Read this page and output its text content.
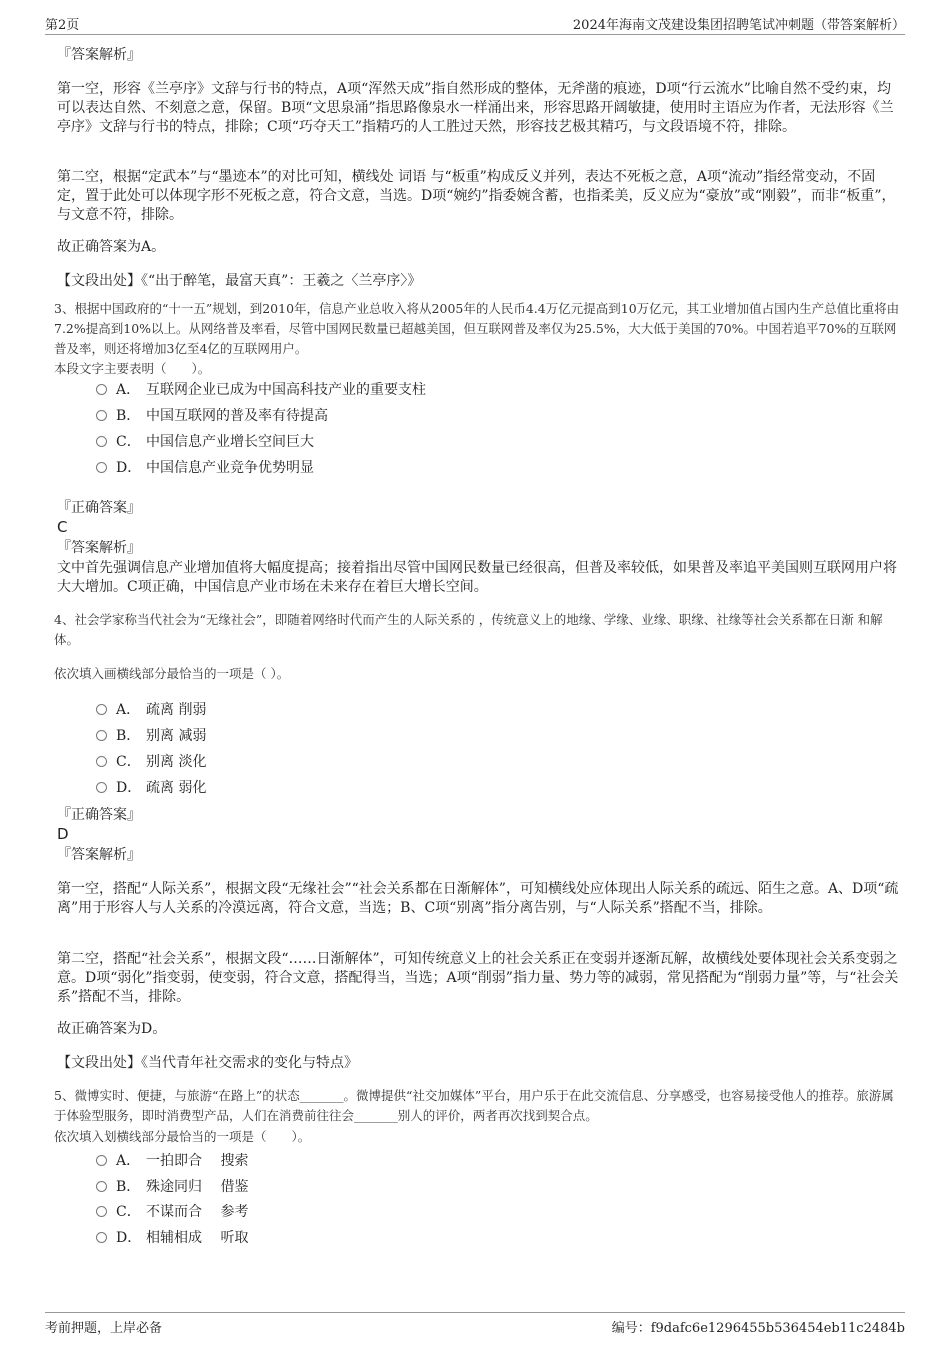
第2页	2024年海南文茂建设集团招聘笔试冲刺题（带答案解析）
『答案解析』
第一空，形容《兰亭序》文辞与行书的特点，A项“浑然天成”指自然形成的整体，无斧凿的痕迹，D项“行云流水”比喻自然不受约束，均可以表达自然、不刻意之意，保留。B项“文思泉涌”指思路像泉水一样涌出来，形容思路开阔敏捷，使用时主语应为作者，无法形容《兰亭序》文辞与行书的特点，排除；C项“巧夺天工”指精巧的人工胜过天然，形容技艺极其精巧，与文段语境不符，排除。
第二空，根据“定武本”与“墨迹本”的对比可知，横线处 词语 与“板重”构成反义并列，表达不死板之意，A项“流动”指经常变动，不固定，置于此处可以体现字形不死板之意，符合文意，当选。D项“婉约”指委婉含蓄，也指柔美，反义应为“豪放”或“刚毅”，而非“板重”，与文意不符，排除。
故正确答案为A。
【文段出处】《“出于醉笔，最富天真”：王羲之〈兰亭序〉》
3、根据中国政府的“十一五”规划，到2010年，信息产业总收入将从2005年的人民币4.4万亿元提高到10万亿元，其工业增加值占国内生产总值比重将由7.2%提高到10%以上。从网络普及率看，尽管中国网民数量已超越美国，但互联网普及率仅为25.5%，大大低于美国的70%。中国若追平70%的互联网普及率，则还将增加3亿至4亿的互联网用户。
本段文字主要表明（　　）。
A． 互联网企业已成为中国高科技产业的重要支柱
B． 中国互联网的普及率有待提高
C． 中国信息产业增长空间巨大
D． 中国信息产业竞争优势明显
『正确答案』
C
『答案解析』
文中首先强调信息产业增加值将大幅度提高；接着指出尽管中国网民数量已经很高，但普及率较低，如果普及率追平美国则互联网用户将大大增加。C项正确，中国信息产业市场在未来存在着巨大增长空间。
4、社会学家称当代社会为“无缘社会”，即随着网络时代而产生的人际关系的 ，传统意义上的地缘、学缘、业缘、职缘、社缘等社会关系都在日渐 和解体。
依次填入画横线部分最恰当的一项是（ ）。
A． 疏离 削弱
B． 别离 减弱
C． 别离 淡化
D． 疏离 弱化
『正确答案』
D
『答案解析』
第一空，搭配“人际关系”，根据文段“无缘社会”“社会关系都在日渐解体”，可知横线处应体现出人际关系的疏远、陌生之意。A、D项“疏离”用于形容人与人关系的冷漠远离，符合文意，当选；B、C项“别离”指分离告别，与“人际关系”搭配不当，排除。
第二空，搭配“社会关系”，根据文段“……日渐解体”，可知传统意义上的社会关系正在变弱并逐渐瓦解，故横线处要体现社会关系变弱之意。D项“弱化”指变弱，使变弱，符合文意，搭配得当，当选；A项“削弱”指力量、势力等的减弱，常见搭配为“削弱力量”等，与“社会关系”搭配不当，排除。
故正确答案为D。
【文段出处】《当代青年社交需求的变化与特点》
5、微博实时、便捷，与旅游“在路上”的状态_______。微博提供“社交加媒体”平台，用户乐于在此交流信息、分享感受，也容易接受他人的推荐。旅游属于体验型服务，即时消费型产品，人们在消费前往往会_______别人的评价，两者再次找到契合点。
依次填入划横线部分最恰当的一项是（　　）。
A． 一拍即合　 搜索
B． 殊途同归　 借鉴
C． 不谋而合　 参考
D． 相辅相成　 听取
考前押题，上岸必备	编号：f9dafc6e1296455b536454eb11c2484b
